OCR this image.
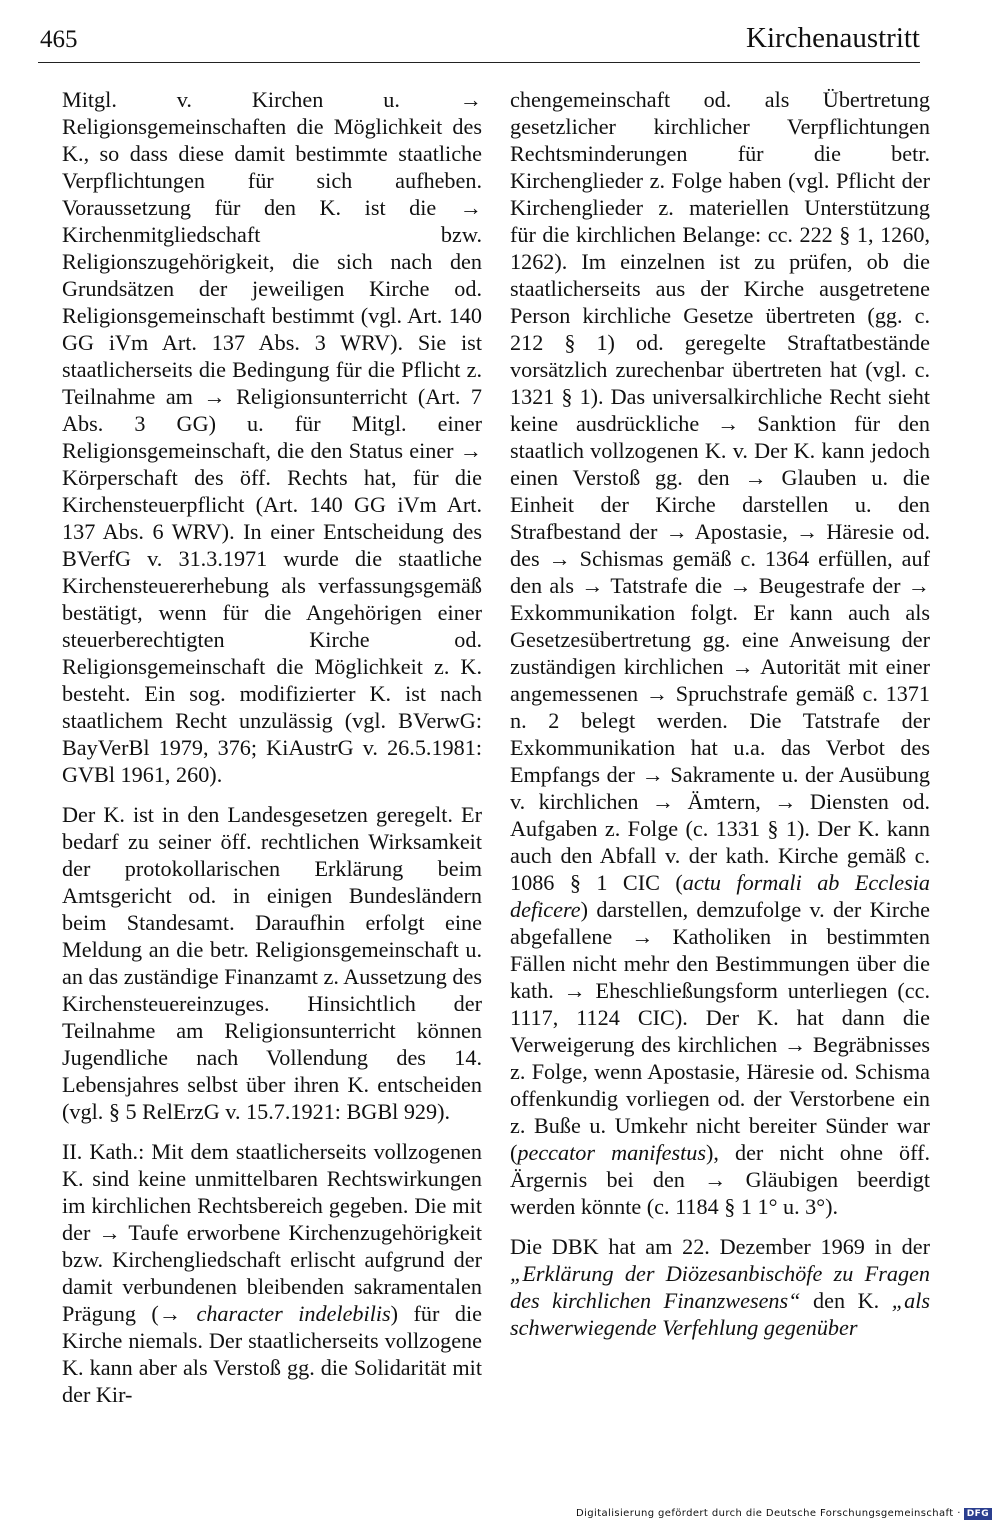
465	Kirchenaustritt

Mitgl. v. Kirchen u. → Religionsgemeinschaften die Möglichkeit des K., so dass diese damit bestimmte staatliche Verpflichtungen für sich aufheben. Voraussetzung für den K. ist die → Kirchenmitgliedschaft bzw. Religionszugehörigkeit, die sich nach den Grundsätzen der jeweiligen Kirche od. Religionsgemeinschaft bestimmt (vgl. Art. 140 GG iVm Art. 137 Abs. 3 WRV). Sie ist staatlicherseits die Bedingung für die Pflicht z. Teilnahme am → Religionsunterricht (Art. 7 Abs. 3 GG) u. für Mitgl. einer Religionsgemeinschaft, die den Status einer → Körperschaft des öff. Rechts hat, für die Kirchensteuerpflicht (Art. 140 GG iVm Art. 137 Abs. 6 WRV). In einer Entscheidung des BVerfG v. 31.3.1971 wurde die staatliche Kirchensteuererhebung als verfassungsgemäß bestätigt, wenn für die Angehörigen einer steuerberechtigten Kirche od. Religionsgemeinschaft die Möglichkeit z. K. besteht. Ein sog. modifizierter K. ist nach staatlichem Recht unzulässig (vgl. BVerwG: BayVerBl 1979, 376; KiAustrG v. 26.5.1981: GVBl 1961, 260).

Der K. ist in den Landesgesetzen geregelt. Er bedarf zu seiner öff. rechtlichen Wirksamkeit der protokollarischen Erklärung beim Amtsgericht od. in einigen Bundesländern beim Standesamt. Daraufhin erfolgt eine Meldung an die betr. Religionsgemeinschaft u. an das zuständige Finanzamt z. Aussetzung des Kirchensteuereinzuges. Hinsichtlich der Teilnahme am Religionsunterricht können Jugendliche nach Vollendung des 14. Lebensjahres selbst über ihren K. entscheiden (vgl. § 5 RelErzG v. 15.7.1921: BGBl 929).

II. Kath.: Mit dem staatlicherseits vollzogenen K. sind keine unmittelbaren Rechtswirkungen im kirchlichen Rechtsbereich gegeben. Die mit der → Taufe erworbene Kirchenzugehörigkeit bzw. Kirchengliedschaft erlischt aufgrund der damit verbundenen bleibenden sakramentalen Prägung (→ character indelebilis) für die Kirche niemals. Der staatlicherseits vollzogene K. kann aber als Verstoß gg. die Solidarität mit der Kir-

chengemeinschaft od. als Übertretung gesetzlicher kirchlicher Verpflichtungen Rechtsminderungen für die betr. Kirchenglieder z. Folge haben (vgl. Pflicht der Kirchenglieder z. materiellen Unterstützung für die kirchlichen Belange: cc. 222 § 1, 1260, 1262). Im einzelnen ist zu prüfen, ob die staatlicherseits aus der Kirche ausgetretene Person kirchliche Gesetze übertreten (gg. c. 212 § 1) od. geregelte Straftatbestände vorsätzlich zurechenbar übertreten hat (vgl. c. 1321 § 1). Das universalkirchliche Recht sieht keine ausdrückliche → Sanktion für den staatlich vollzogenen K. v. Der K. kann jedoch einen Verstoß gg. den → Glauben u. die Einheit der Kirche darstellen u. den Strafbestand der → Apostasie, → Häresie od. des → Schismas gemäß c. 1364 erfüllen, auf den als → Tatstrafe die → Beugestrafe der → Exkommunikation folgt. Er kann auch als Gesetzesübertretung gg. eine Anweisung der zuständigen kirchlichen → Autorität mit einer angemessenen → Spruchstrafe gemäß c. 1371 n. 2 belegt werden. Die Tatstrafe der Exkommunikation hat u.a. das Verbot des Empfangs der → Sakramente u. der Ausübung v. kirchlichen → Ämtern, → Diensten od. Aufgaben z. Folge (c. 1331 § 1). Der K. kann auch den Abfall v. der kath. Kirche gemäß c. 1086 § 1 CIC (actu formali ab Ecclesia deficere) darstellen, demzufolge v. der Kirche abgefallene → Katholiken in bestimmten Fällen nicht mehr den Bestimmungen über die kath. → Eheschließungsform unterliegen (cc. 1117, 1124 CIC). Der K. hat dann die Verweigerung des kirchlichen → Begräbnisses z. Folge, wenn Apostasie, Häresie od. Schisma offenkundig vorliegen od. der Verstorbene ein z. Buße u. Umkehr nicht bereiter Sünder war (peccator manifestus), der nicht ohne öff. Ärgernis bei den → Gläubigen beerdigt werden könnte (c. 1184 § 1 1° u. 3°).

Die DBK hat am 22. Dezember 1969 in der „Erklärung der Diözesanbischöfe zu Fragen des kirchlichen Finanzwesens“ den K. „als schwerwiegende Verfehlung gegenüber

Digitalisierung gefördert durch die Deutsche Forschungsgemeinschaft · DFG
